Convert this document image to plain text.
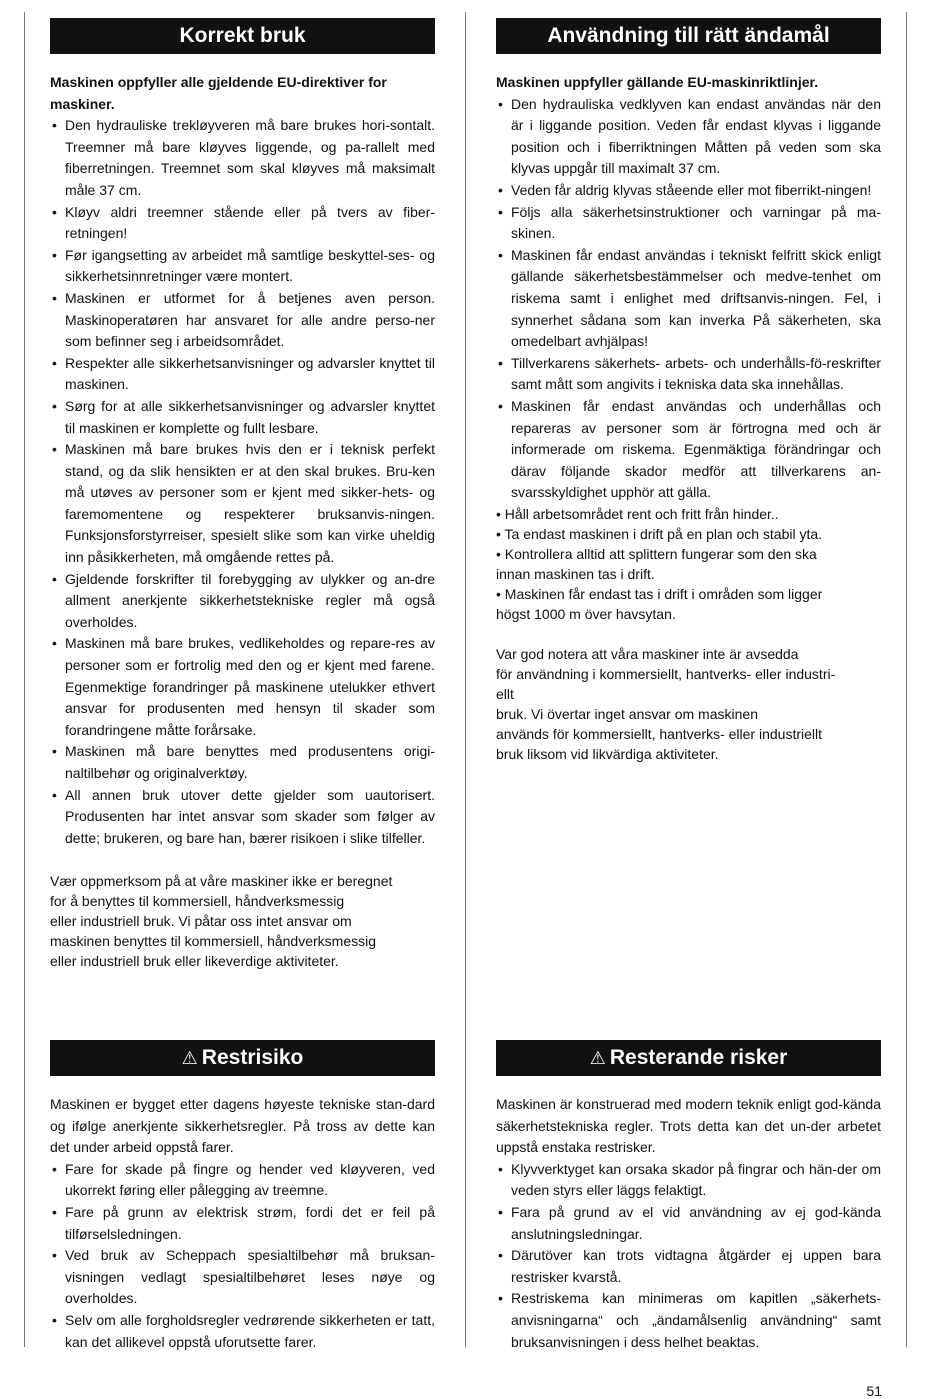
Korrekt bruk
Maskinen oppfyller alle gjeldende EU-direktiver for maskiner.
• Den hydrauliske trekløyveren må bare brukes hori-sontalt. Treemner må bare kløyves liggende, og pa-rallelt med fiberretningen. Treemnet som skal kløyves må maksimalt måle 37 cm.
• Kløyv aldri treemner stående eller på tvers av fiber-retningen!
• Før igangsetting av arbeidet må samtlige beskyttel-ses- og sikkerhetsinnretninger være montert.
• Maskinen er utformet for å betjenes aven person. Maskinoperatøren har ansvaret for alle andre perso-ner som befinner seg i arbeidsområdet.
• Respekter alle sikkerhetsanvisninger og advarsler knyttet til maskinen.
• Sørg for at alle sikkerhetsanvisninger og advarsler knyttet til maskinen er komplette og fullt lesbare.
• Maskinen må bare brukes hvis den er i teknisk perfekt stand, og da slik hensikten er at den skal brukes. Bru-ken må utøves av personer som er kjent med sikker-hets- og faremomentene og respekterer bruksanvis-ningen. Funksjonsforstyrreiser, spesielt slike som kan virke uheldig inn påsikkerheten, må omgående rettes på.
• Gjeldende forskrifter til forebygging av ulykker og an-dre allment anerkjente sikkerhetstekniske regler må også overholdes.
• Maskinen må bare brukes, vedlikeholdes og repare-res av personer som er fortrolig med den og er kjent med farene. Egenmektige forandringer på maskinene utelukker ethvert ansvar for produsenten med hensyn til skader som forandringene måtte forårsake.
• Maskinen må bare benyttes med produsentens origi-naltilbehør og originalverktøy.
• All annen bruk utover dette gjelder som uautorisert. Produsenten har intet ansvar som skader som følger av dette; brukeren, og bare han, bærer risikoen i slike tilfeller.
Vær oppmerksom på at våre maskiner ikke er beregnet
for å benyttes til kommersiell, håndverksmessig
eller industriell bruk. Vi påtar oss intet ansvar om
maskinen benyttes til kommersiell, håndverksmessig
eller industriell bruk eller likeverdige aktiviteter.
Användning till rätt ändamål
Maskinen uppfyller gällande EU-maskinriktlinjer.
• Den hydrauliska vedklyven kan endast användas när den är i liggande position. Veden får endast klyvas i liggande position och i fiberriktningen Måtten på veden som ska klyvas uppgår till maximalt 37 cm.
• Veden får aldrig klyvas ståeende eller mot fiberrikt-ningen!
• Följs alla säkerhetsinstruktioner och varningar på ma-skinen.
• Maskinen får endast användas i tekniskt felfritt skick enligt gällande säkerhetsbestämmelser och medve-tenhet om riskema samt i enlighet med driftsanvis-ningen. Fel, i synnerhet sådana som kan inverka På säkerheten, ska omedelbart avhjälpas!
• Tillverkarens säkerhets- arbets- och underhålls-fö-reskrifter samt mått som angivits i tekniska data ska innehållas.
• Maskinen får endast användas och underhållas och repareras av personer som är förtrogna med och är informerade om riskema. Egenmäktiga förändringar och därav följande skador medför att tillverkarens an-svarsskyldighet upphör att gälla.
• Håll arbetsområdet rent och fritt från hinder..
• Ta endast maskinen i drift på en plan och stabil yta.
• Kontrollera alltid att splittern fungerar som den ska
innan maskinen tas i drift.
• Maskinen får endast tas i drift i områden som ligger
högst 1000 m över havsytan.
Var god notera att våra maskiner inte är avsedda
för användning i kommersiellt, hantverks- eller industri-
ellt
bruk. Vi övertar inget ansvar om maskinen
används för kommersiellt, hantverks- eller industriellt
bruk liksom vid likvärdiga aktiviteter.
⚠ Restrisiko
Maskinen er bygget etter dagens høyeste tekniske stan-dard og ifølge anerkjente sikkerhetsregler. På tross av dette kan det under arbeid oppstå farer.
• Fare for skade på fingre og hender ved kløyveren, ved ukorrekt føring eller pålegging av treemne.
• Fare på grunn av elektrisk strøm, fordi det er feil på tilførselsledningen.
• Ved bruk av Scheppach spesialtilbehør må bruksan-visningen vedlagt spesialtilbehøret leses nøye og overholdes.
• Selv om alle forgholdsregler vedrørende sikkerheten er tatt, kan det allikevel oppstå uforutsette farer.
⚠ Resterande risker
Maskinen är konstruerad med modern teknik enligt god-kända säkerhetstekniska regler. Trots detta kan det un-der arbetet uppstå enstaka restrisker.
• Klyvverktyget kan orsaka skador på fingrar och hän-der om veden styrs eller läggs felaktigt.
• Fara på grund av el vid användning av ej god-kända anslutningsledningar.
• Därutöver kan trots vidtagna åtgärder ej uppen bara restrisker kvarstå.
• Restriskema kan minimeras om kapitlen „säkerhets-anvisningarna“ och „ändamålsenlig användning“ samt bruksanvisningen i dess helhet beaktas.
51
